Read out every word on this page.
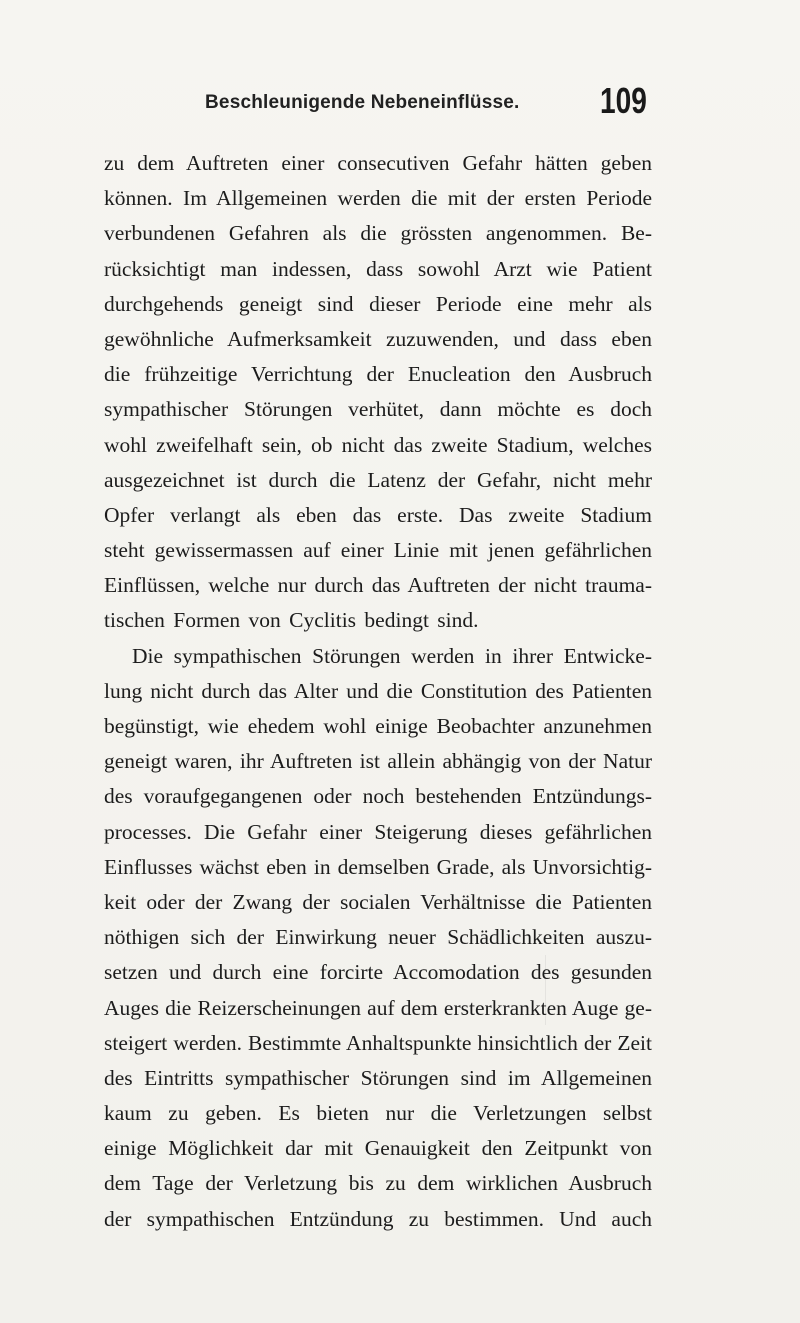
Beschleunigende Nebeneinflüsse. 109
zu dem Auftreten einer consecutiven Gefahr hätten geben
können. Im Allgemeinen werden die mit der ersten Periode
verbundenen Gefahren als die grössten angenommen. Be-
rücksichtigt man indessen, dass sowohl Arzt wie Patient
durchgehends geneigt sind dieser Periode eine mehr als
gewöhnliche Aufmerksamkeit zuzuwenden, und dass eben
die frühzeitige Verrichtung der Enucleation den Ausbruch
sympathischer Störungen verhütet, dann möchte es doch
wohl zweifelhaft sein, ob nicht das zweite Stadium, welches
ausgezeichnet ist durch die Latenz der Gefahr, nicht mehr
Opfer verlangt als eben das erste. Das zweite Stadium
steht gewissermassen auf einer Linie mit jenen gefährlichen
Einflüssen, welche nur durch das Auftreten der nicht trauma-
tischen Formen von Cyclitis bedingt sind.
Die sympathischen Störungen werden in ihrer Entwicke-
lung nicht durch das Alter und die Constitution des Patienten
begünstigt, wie ehedem wohl einige Beobachter anzunehmen
geneigt waren, ihr Auftreten ist allein abhängig von der Natur
des voraufgegangenen oder noch bestehenden Entzündungs-
processes. Die Gefahr einer Steigerung dieses gefährlichen
Einflusses wächst eben in demselben Grade, als Unvorsichtig-
keit oder der Zwang der socialen Verhältnisse die Patienten
nöthigen sich der Einwirkung neuer Schädlichkeiten auszu-
setzen und durch eine forcirte Accomodation des gesunden
Auges die Reizerscheinungen auf dem ersterkrankten Auge ge-
steigert werden. Bestimmte Anhaltspunkte hinsichtlich der Zeit
des Eintritts sympathischer Störungen sind im Allgemeinen
kaum zu geben. Es bieten nur die Verletzungen selbst
einige Möglichkeit dar mit Genauigkeit den Zeitpunkt von
dem Tage der Verletzung bis zu dem wirklichen Ausbruch
der sympathischen Entzündung zu bestimmen. Und auch
